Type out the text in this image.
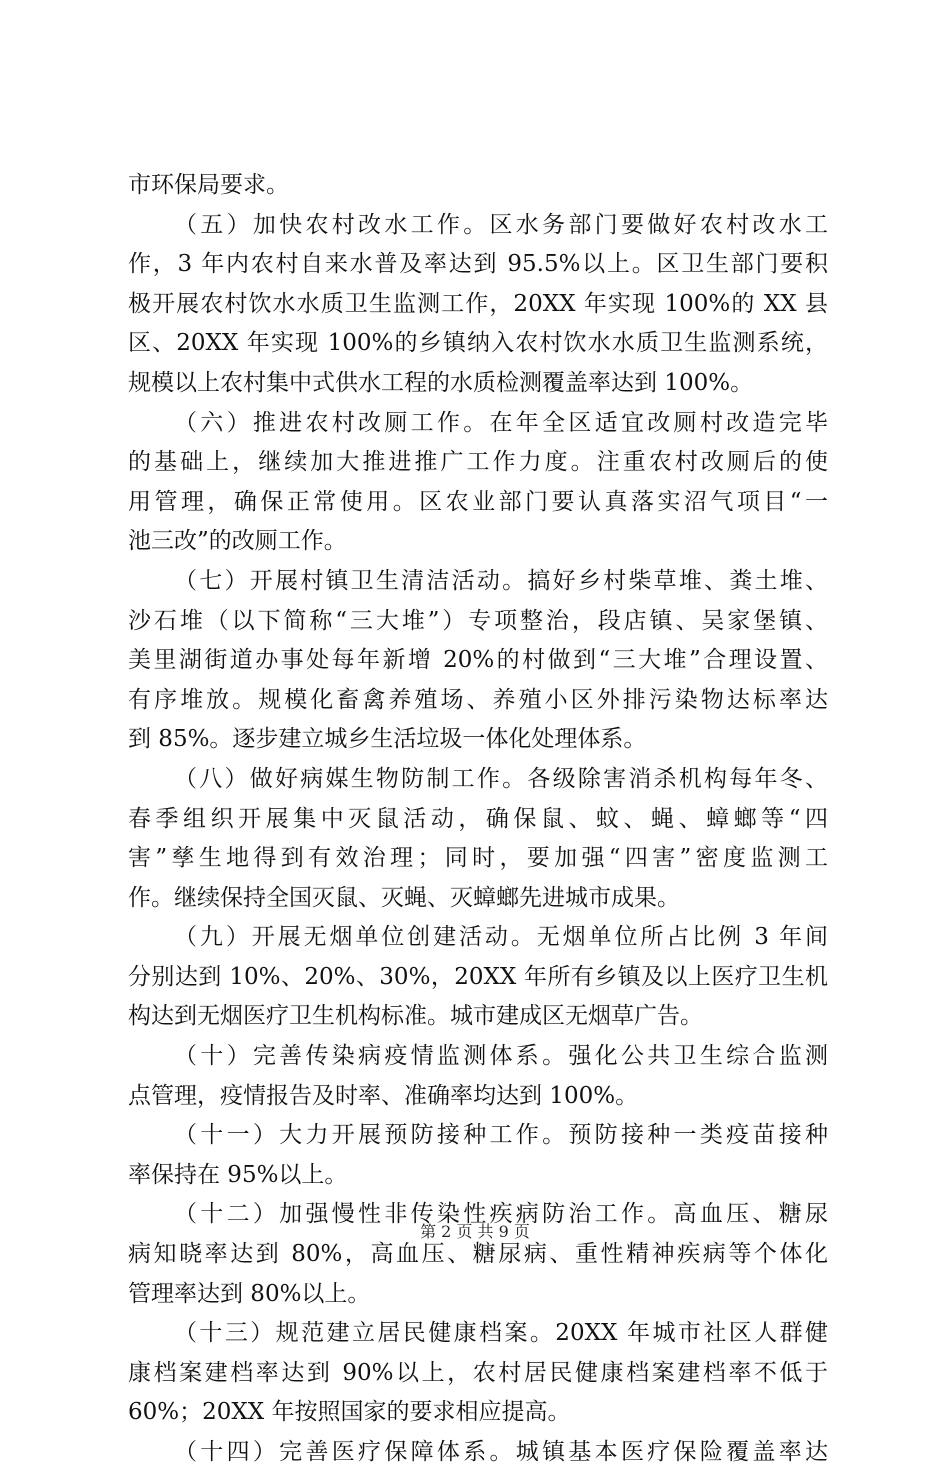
市环保局要求。
（五）加快农村改水工作。区水务部门要做好农村改水工
作，3 年内农村自来水普及率达到 95.5%以上。区卫生部门要积
极开展农村饮水水质卫生监测工作，20XX 年实现 100%的 XX 县
区、20XX 年实现 100%的乡镇纳入农村饮水水质卫生监测系统，
规模以上农村集中式供水工程的水质检测覆盖率达到 100%。
（六）推进农村改厕工作。在年全区适宜改厕村改造完毕
的基础上，继续加大推进推广工作力度。注重农村改厕后的使
用管理，确保正常使用。区农业部门要认真落实沼气项目“一
池三改”的改厕工作。
（七）开展村镇卫生清洁活动。搞好乡村柴草堆、粪土堆、
沙石堆（以下简称“三大堆”）专项整治，段店镇、吴家堡镇、
美里湖街道办事处每年新增 20%的村做到“三大堆”合理设置、
有序堆放。规模化畜禽养殖场、养殖小区外排污染物达标率达
到 85%。逐步建立城乡生活垃圾一体化处理体系。
（八）做好病媒生物防制工作。各级除害消杀机构每年冬、
春季组织开展集中灭鼠活动，确保鼠、蚊、蝇、蟑螂等“四
害”孳生地得到有效治理；同时，要加强“四害”密度监测工
作。继续保持全国灭鼠、灭蝇、灭蟑螂先进城市成果。
（九）开展无烟单位创建活动。无烟单位所占比例 3 年间
分别达到 10%、20%、30%，20XX 年所有乡镇及以上医疗卫生机
构达到无烟医疗卫生机构标准。城市建成区无烟草广告。
（十）完善传染病疫情监测体系。强化公共卫生综合监测
点管理，疫情报告及时率、准确率均达到 100%。
（十一）大力开展预防接种工作。预防接种一类疫苗接种
率保持在 95%以上。
（十二）加强慢性非传染性疾病防治工作。高血压、糖尿
病知晓率达到 80%，高血压、糖尿病、重性精神疾病等个体化
管理率达到 80%以上。
（十三）规范建立居民健康档案。20XX 年城市社区人群健
康档案建档率达到 90%以上，农村居民健康档案建档率不低于
60%；20XX 年按照国家的要求相应提高。
（十四）完善医疗保障体系。城镇基本医疗保险覆盖率达
第 2 页 共 9 页
